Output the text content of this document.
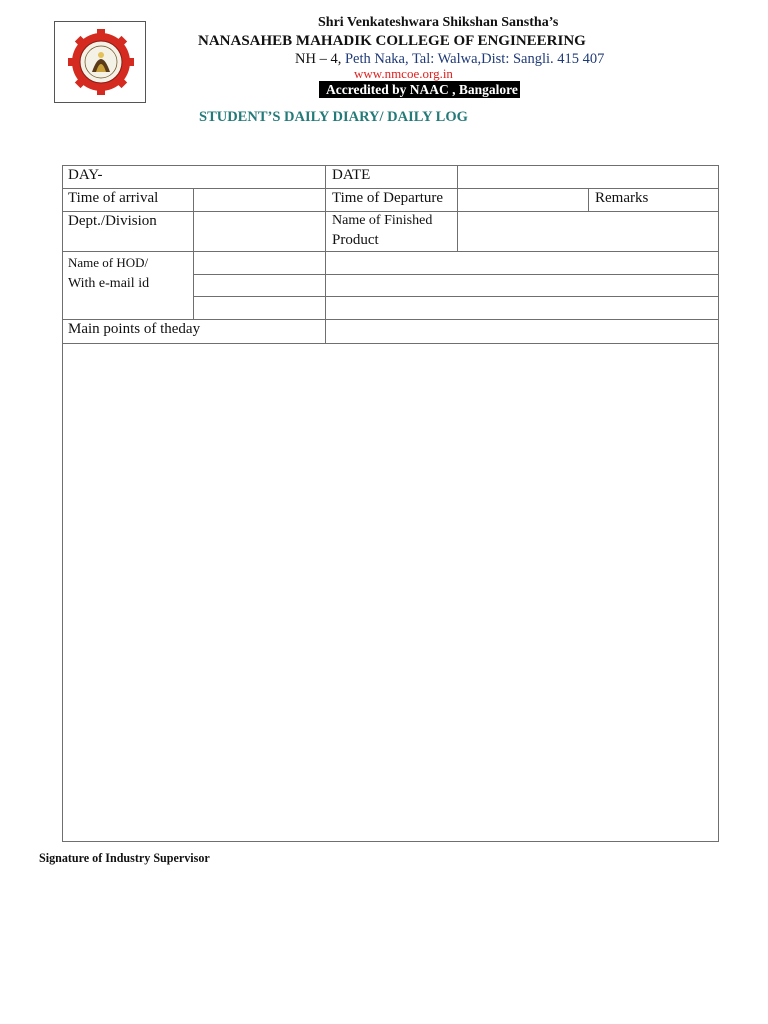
Shri Venkateshwara Shikshan Sanstha’s
NANASAHEB MAHADIK COLLEGE OF ENGINEERING
NH – 4, Peth Naka, Tal: Walwa,Dist: Sangli. 415 407
www.nmcoe.org.in
Accredited by NAAC , Bangalore
STUDENT’S DAILY DIARY/ DAILY LOG
DAY-	DATE
Time of arrival	Time of Departure	Remarks
Dept./Division	Name of Finished
Product
Name of HOD/
With e-mail id
Main points of theday
Signature of Industry Supervisor
